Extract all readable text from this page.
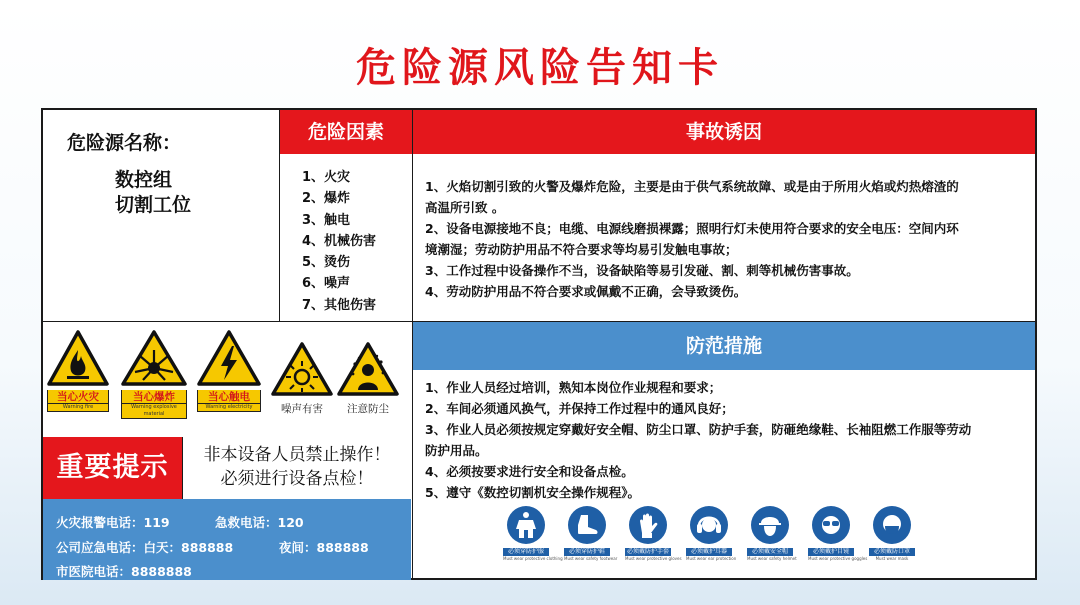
危险源风险告知卡
危险源名称：
数控组
切割工位
危险因素
1、火灾
2、爆炸
3、触电
4、机械伤害
5、烫伤
6、噪声
7、其他伤害
事故诱因
1、火焰切割引致的火警及爆炸危险，主要是由于供气系统故障、或是由于所用火焰或灼热熔渣的
高温所引致 。
2、设备电源接地不良；电缆、电源线磨损裸露；照明行灯未使用符合要求的安全电压：空间内环
境潮湿；劳动防护用品不符合要求等均易引发触电事故；
3、工作过程中设备操作不当，设备缺陷等易引发碰、割、刺等机械伤害事故。
4、劳动防护用品不符合要求或佩戴不正确，会导致烫伤。
当心火灾
Warning fire
当心爆炸
Warning explosive material
当心触电
Warning electricity	噪声有害	注意防尘
重要提示	非本设备人员禁止操作！
必须进行设备点检！
火灾报警电话：119	急救电话：120
公司应急电话：白天：888888	夜间：888888
市医院电话：8888888
防范措施
1、作业人员经过培训，熟知本岗位作业规程和要求；
2、车间必须通风换气，并保持工作过程中的通风良好；
3、作业人员必须按规定穿戴好安全帽、防尘口罩、防护手套，防砸绝缘鞋、长袖阻燃工作服等劳动
防护用品。
4、必须按要求进行安全和设备点检。
5、遵守《数控切割机安全操作规程》。
必须穿防护服
Must wear protective clothing
必须穿防护鞋
Must wear safety footwear
必须戴防护手套
Must wear protective gloves
必须戴护耳器
Must wear ear protection
必须戴安全帽
Must wear safety helmet
必须戴护目镜
Must wear protective goggles
必须戴防口罩
Must wear mask
